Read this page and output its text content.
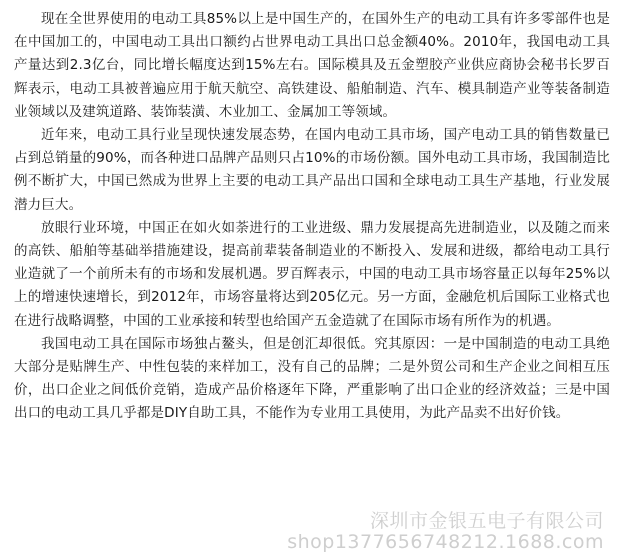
现在全世界使用的电动工具85%以上是中国生产的，在国外生产的电动工具有许多零部件也是在中国加工的，中国电动工具出口额约占世界电动工具出口总金额40%。2010年，我国电动工具产量达到2.3亿台，同比增长幅度达到15%左右。国际模具及五金塑胶产业供应商协会秘书长罗百辉表示，电动工具被普遍应用于航天航空、高铁建设、船舶制造、汽车、模具制造产业等装备制造业领域以及建筑道路、装饰装潢、木业加工、金属加工等领域。

近年来，电动工具行业呈现快速发展态势，在国内电动工具市场，国产电动工具的销售数量已占到总销量的90%，而各种进口品牌产品则只占10%的市场份额。国外电动工具市场，我国制造比例不断扩大，中国已然成为世界上主要的电动工具产品出口国和全球电动工具生产基地，行业发展潜力巨大。

放眼行业环境，中国正在如火如荼进行的工业进级、鼎力发展提高先进制造业，以及随之而来的高铁、船舶等基础举措施建设，提高前辈装备制造业的不断投入、发展和进级，都给电动工具行业造就了一个前所未有的市场和发展机遇。罗百辉表示，中国的电动工具市场容量正以每年25%以上的增速快速增长，到2012年，市场容量将达到205亿元。另一方面，金融危机后国际工业格式也在进行战略调整，中国的工业承接和转型也给国产五金造就了在国际市场有所作为的机遇。

我国电动工具在国际市场独占鳌头，但是创汇却很低。究其原因：一是中国制造的电动工具绝大部分是贴牌生产、中性包装的来样加工，没有自己的品牌；二是外贸公司和生产企业之间相互压价，出口企业之间低价竞销，造成产品价格逐年下降，严重影响了出口企业的经济效益；三是中国出口的电动工具几乎都是DIY自助工具，不能作为专业用工具使用，为此产品卖不出好价钱。

深圳市金银五电子有限公司
shop1377656748212.1688.com
